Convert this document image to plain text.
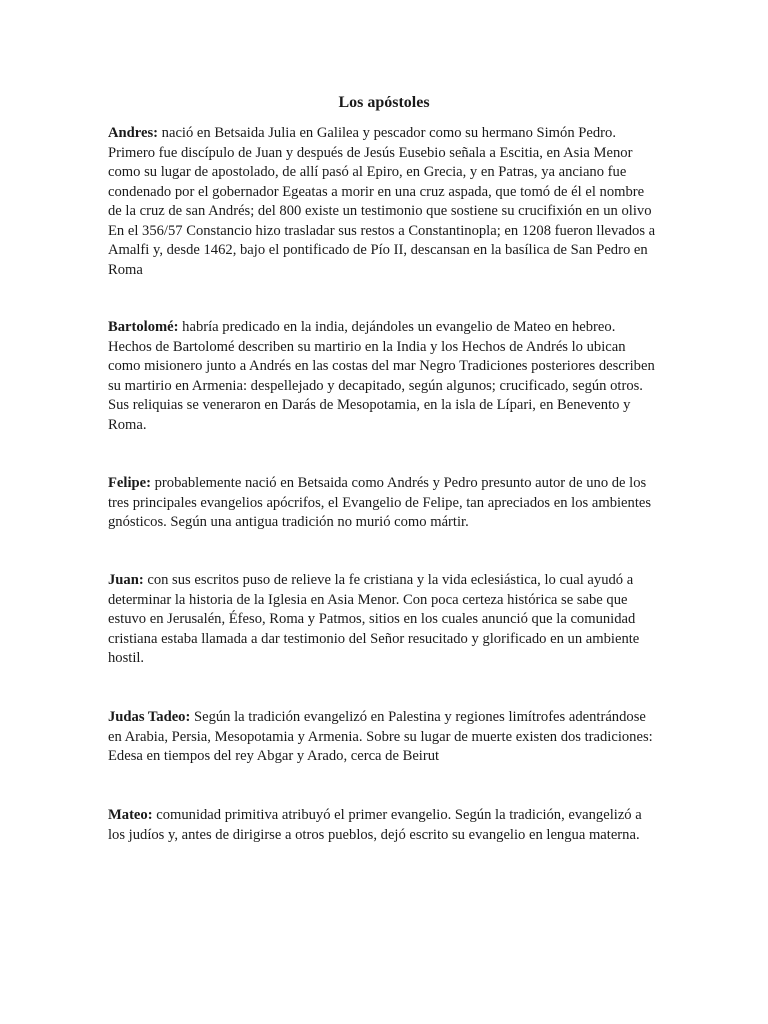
Los apóstoles

Andres: nació en Betsaida Julia en Galilea y pescador como su hermano Simón Pedro. Primero fue discípulo de Juan y después de Jesús Eusebio señala a Escitia, en Asia Menor como su lugar de apostolado, de allí pasó al Epiro, en Grecia, y en Patras, ya anciano fue condenado por el gobernador Egeatas a morir en una cruz aspada, que tomó de él el nombre de la cruz de san Andrés; del 800 existe un testimonio que sostiene su crucifixión en un olivo En el 356/57 Constancio hizo trasladar sus restos a Constantinopla; en 1208 fueron llevados a Amalfi y, desde 1462, bajo el pontificado de Pío II, descansan en la basílica de San Pedro en Roma

Bartolomé: habría predicado en la india, dejándoles un evangelio de Mateo en hebreo. Hechos de Bartolomé describen su martirio en la India y los Hechos de Andrés lo ubican como misionero junto a Andrés en las costas del mar Negro Tradiciones posteriores describen su martirio en Armenia: despellejado y decapitado, según algunos; crucificado, según otros. Sus reliquias se veneraron en Darás de Mesopotamia, en la isla de Lípari, en Benevento y Roma.

Felipe: probablemente nació en Betsaida como Andrés y Pedro presunto autor de uno de los tres principales evangelios apócrifos, el Evangelio de Felipe, tan apreciados en los ambientes gnósticos. Según una antigua tradición no murió como mártir.

Juan: con sus escritos puso de relieve la fe cristiana y la vida eclesiástica, lo cual ayudó a determinar la historia de la Iglesia en Asia Menor. Con poca certeza histórica se sabe que estuvo en Jerusalén, Éfeso, Roma y Patmos, sitios en los cuales anunció que la comunidad cristiana estaba llamada a dar testimonio del Señor resucitado y glorificado en un ambiente hostil.

Judas Tadeo: Según la tradición evangelizó en Palestina y regiones limítrofes adentrándose en Arabia, Persia, Mesopotamia y Armenia. Sobre su lugar de muerte existen dos tradiciones: Edesa en tiempos del rey Abgar y Arado, cerca de Beirut

Mateo: comunidad primitiva atribuyó el primer evangelio. Según la tradición, evangelizó a los judíos y, antes de dirigirse a otros pueblos, dejó escrito su evangelio en lengua materna.
